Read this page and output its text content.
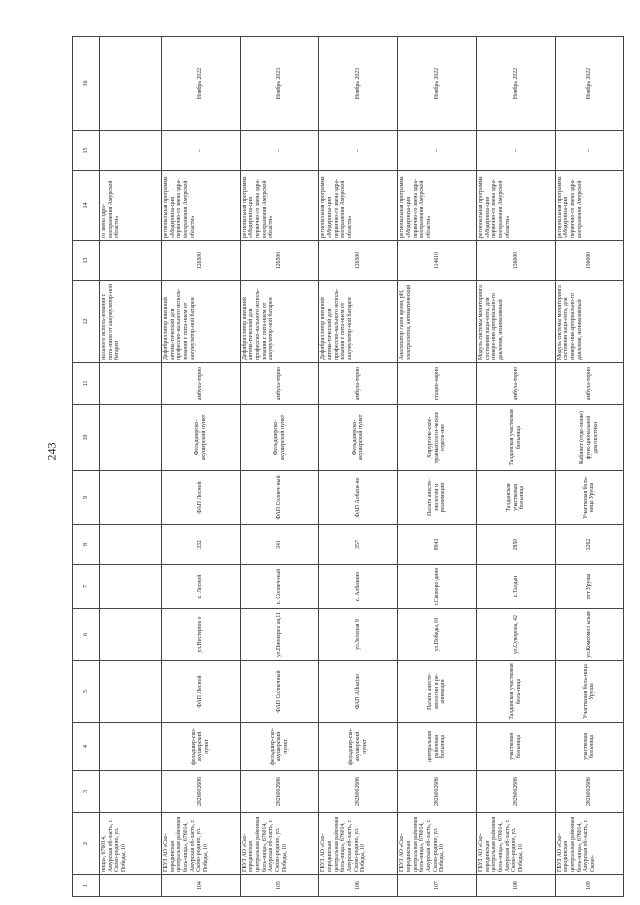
243
1	2	3	4	5	6	7	8	9	10	11	12	13	14	15	16
	ница», 676014, Амурская об-ласть, г. Сково-родино, ул. Победы, 10										нального исполь-зования с пита-нием от аккумулятор-ной батареи		го звена здра-воохранения Амурской области»		
104	ГБУЗ АО «Ско-вородинская центральная районная боль-ница», 676014, Амурская об-ласть, г. Сково-родино, ул. Победы, 10	2826002686	фельдшер-ско-акушерский пункт	ФАП Лесной	ул.Нестерюк о	с. Лесной	332	ФАП Лесной	Фельдшерско-акушерский пункт	амбула-торно	Дефибриллятор внешний автома-тический для профессио-нального исполь-зования с пита-нием от аккумулятор-ной батареи	126500	региональная программа «Модерниза-ция первично-го звена здра-воохранения Амурской области»	–	Ноябрь 2022
105	ГБУЗ АО «Ско-вородинская центральная районная боль-ница», 676014, Амурская об-ласть, г. Сково-родино, ул. Победы, 10	2826002686	фельдшер-ско-акушерский пункт	ФАП Солнечный	ул.Пионерск ая,11	с. Солнеч-ный	341	ФАП Солнеч-ный	Фельдшерско-акушерский пункт	амбула-торно	Дефибриллятор внешний автома-тический для профессио-нального исполь-зования с пита-нием от аккумулятор-ной батареи	126500	региональная программа «Модерниза-ция первично-го звена здра-воохранения Амурской области»	–	Ноябрь 2023
106	ГБУЗ АО «Ско-вородинская центральная районная боль-ница», 676014, Амурская об-ласть, г. Сково-родино, ул. Победы, 10	2826002686	фельдшер-ско-акушерский пункт	ФАП Albazino	ул.Зеленая 9	с. Албазино	357	ФАП Албази-но	Фельдшерско-акушерский пункт	амбула-торно	Дефибриллятор внешний автома-тический для профессио-нального исполь-зования с пита-нием от аккумулятор-ной батареи	126500	региональная программа «Модерниза-ция первично-го звена здра-воохранения Амурской области»	–	Ноябрь 2023
107	ГБУЗ АО «Ско-вородинская центральная районная боль-ница», 676014, Амурская об-ласть, г. Сково-родино, ул. Победы, 10	2826002686	центральная районная больница	Палата анесте-зиологии и ре-анимации	ул.Победы,10	г.Сковоро-дино	8943	Палата анесте-зиологии и реанимации	Хирургиче-ское-травматологи-ческое отделе-ние	стацио-нарно	Анализатор газов крови, pH, электролитов, автоматический	114610	региональная программа «Модерниза-ция первично-го звена здра-воохранения Амурской области»	–	Ноябрь 2022
108	ГБУЗ АО «Ско-вородинская центральная районная боль-ница», 676014, Амурская об-ласть, г. Сково-родино, ул. Победы, 10	2826002686	участковая больница	Талданская участковая боль-ница	ул.Суворова, 42	с.Талдан	2850	Талданская участковая больница	Талданская участковая больница	амбула-торно	Модуль системы мониторинга состояния паци-ента, для измере-ния артериально-го давления, неинвазивный	156000	региональная программа «Модерниза-ция первично-го звена здра-воохранения Амурской области»	–	Ноябрь 2022
109	ГБУЗ АО «Ско-вородинская центральная районная боль-ница», 676014, Амурская об-ласть, г. Сково-	2826002686	участковая больница	Участковая боль-ница Уруша	ул.Комсомол ьская	пгт Уруша	3262	Участковая боль-ница Уруша	Кабинет (отде-ление) функ-циональной диагностики	амбула-торно	Модуль системы мониторинга состояния паци-ента, для измере-ния артериально-го давления, неинвазивный	156000	региональная программа «Модерниза-ция первично-го звена здра-воохранения Амурской	–	Ноябрь 2022
